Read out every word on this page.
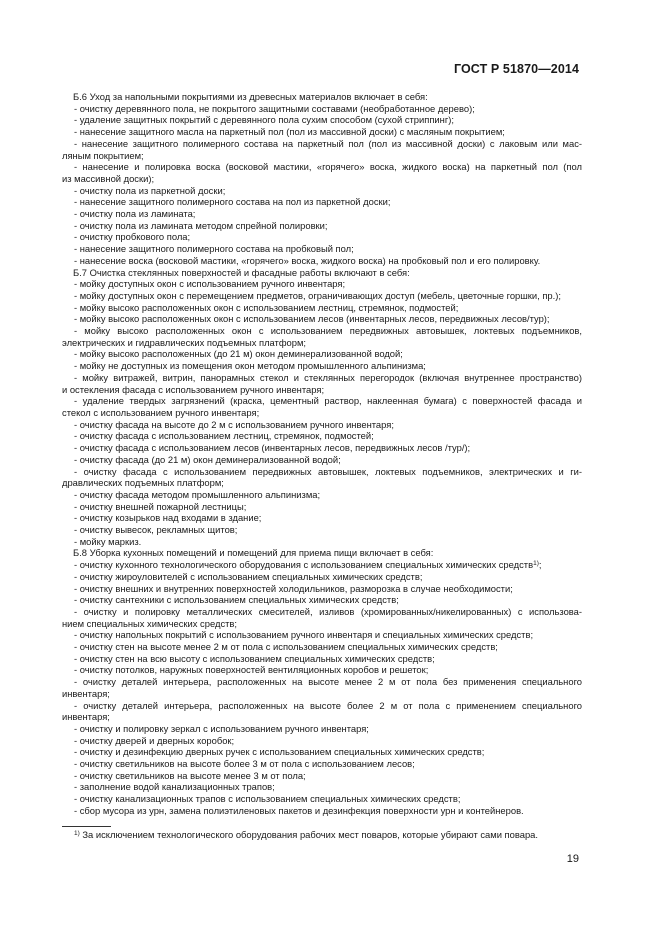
ГОСТ Р 51870—2014
Б.6 Уход за напольными покрытиями из древесных материалов включает в себя:
- очистку деревянного пола, не покрытого защитными составами (необработанное дерево);
- удаление защитных покрытий с деревянного пола сухим способом (сухой стриппинг);
- нанесение защитного масла на паркетный пол (пол из массивной доски) с масляным покрытием;
- нанесение защитного полимерного состава на паркетный пол (пол из массивной доски) с лаковым или мас-
ляным покрытием;
- нанесение и полировка воска (восковой мастики, «горячего» воска, жидкого воска) на паркетный пол (пол
из массивной доски);
- очистку пола из паркетной доски;
- нанесение защитного полимерного состава на пол из паркетной доски;
- очистку пола из ламината;
- очистку пола из ламината методом спрейной полировки;
- очистку пробкового пола;
- нанесение защитного полимерного состава на пробковый пол;
- нанесение воска (восковой мастики, «горячего» воска, жидкого воска) на пробковый пол и его полировку.
Б.7 Очистка стеклянных поверхностей и фасадные работы включают в себя:
- мойку доступных окон с использованием ручного инвентаря;
- мойку доступных окон с перемещением предметов, ограничивающих доступ (мебель, цветочные горшки, пр.);
- мойку высоко расположенных окон с использованием лестниц, стремянок, подмостей;
- мойку высоко расположенных окон с использованием лесов (инвентарных лесов, передвижных лесов/тур);
- мойку высоко расположенных окон с использованием передвижных автовышек, локтевых подъемников,
электрических и гидравлических подъемных платформ;
- мойку высоко расположенных (до 21 м) окон деминерализованной водой;
- мойку не доступных из помещения окон методом промышленного альпинизма;
- мойку витражей, витрин, панорамных стекол и стеклянных перегородок (включая внутреннее пространство)
и остекления фасада с использованием ручного инвентаря;
- удаление твердых загрязнений (краска, цементный раствор, наклеенная бумага) с поверхностей фасада и
стекол с использованием ручного инвентаря;
- очистку фасада на высоте до 2 м с использованием ручного инвентаря;
- очистку фасада с использованием лестниц, стремянок, подмостей;
- очистку фасада с использованием лесов (инвентарных лесов, передвижных лесов /тур/);
- очистку фасада (до 21 м) окон деминерализованной водой;
- очистку фасада с использованием передвижных автовышек, локтевых подъемников, электрических и ги-
дравлических подъемных платформ;
- очистку фасада методом промышленного альпинизма;
- очистку внешней пожарной лестницы;
- очистку козырьков над входами в здание;
- очистку вывесок, рекламных щитов;
- мойку маркиз.
Б.8 Уборка кухонных помещений и помещений для приема пищи включает в себя:
- очистку кухонного технологического оборудования с использованием специальных химических средств$^{1)}$;
- очистку жироуловителей с использованием специальных химических средств;
- очистку внешних и внутренних поверхностей холодильников, разморозка в случае необходимости;
- очистку сантехники с использованием специальных химических средств;
- очистку и полировку металлических смесителей, изливов (хромированных/никелированных) с использова-
нием специальных химических средств;
- очистку напольных покрытий с использованием ручного инвентаря и специальных химических средств;
- очистку стен на высоте менее 2 м от пола с использованием специальных химических средств;
- очистку стен на всю высоту с использованием специальных химических средств;
- очистку потолков, наружных поверхностей вентиляционных коробов и решеток;
- очистку деталей интерьера, расположенных на высоте менее 2 м от пола без применения специального
инвентаря;
- очистку деталей интерьера, расположенных на высоте более 2 м от пола с применением специального
инвентаря;
- очистку и полировку зеркал с использованием ручного инвентаря;
- очистку дверей и дверных коробок;
- очистку и дезинфекцию дверных ручек с использованием специальных химических средств;
- очистку светильников на высоте более 3 м от пола с использованием лесов;
- очистку светильников на высоте менее 3 м от пола;
- заполнение водой канализационных трапов;
- очистку канализационных трапов с использованием специальных химических средств;
- сбор мусора из урн, замена полиэтиленовых пакетов и дезинфекция поверхности урн и контейнеров.
$^{1)}$ За исключением технологического оборудования рабочих мест поваров, которые убирают сами повара.
19
